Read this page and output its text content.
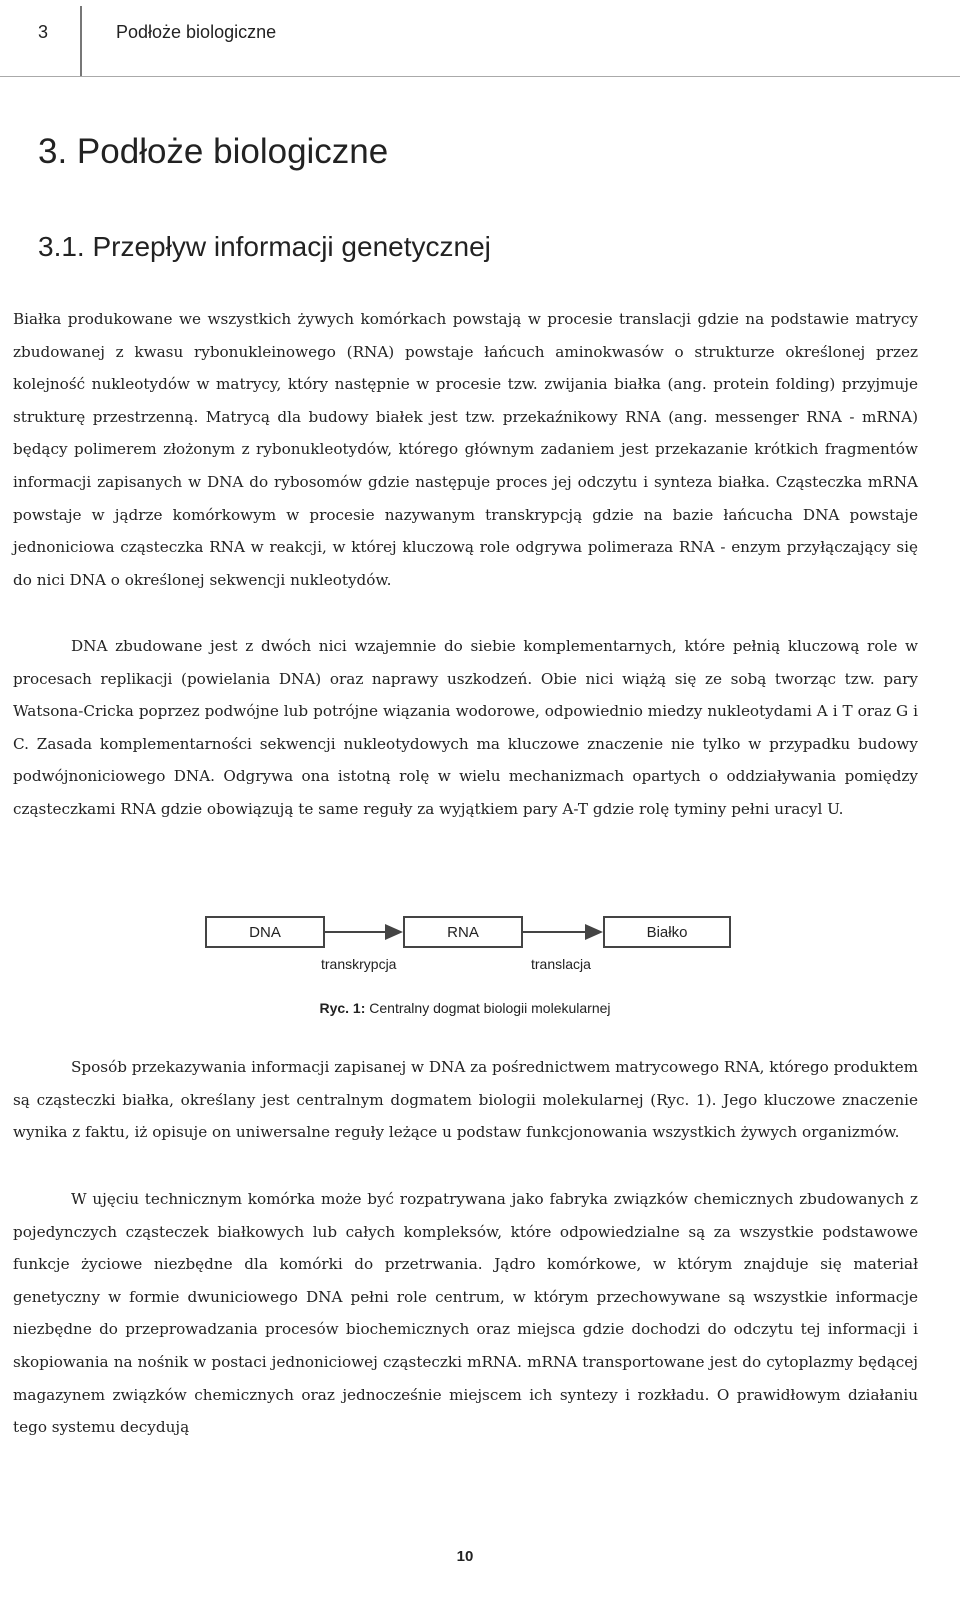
3	Podłoże biologiczne
3. Podłoże biologiczne
3.1. Przepływ informacji genetycznej

Białka produkowane we wszystkich żywych komórkach powstają w procesie translacji gdzie na podstawie matrycy zbudowanej z kwasu rybonukleinowego (RNA) powstaje łańcuch aminokwasów o strukturze określonej przez kolejność nukleotydów w matrycy, który następnie w procesie tzw. zwijania białka (ang. protein folding) przyjmuje strukturę przestrzenną. Matrycą dla budowy białek jest tzw. przekaźnikowy RNA (ang. messenger RNA - mRNA) będący polimerem złożonym z rybonukleotydów, którego głównym zadaniem jest przekazanie krótkich fragmentów informacji zapisanych w DNA do rybosomów gdzie następuje proces jej odczytu i synteza białka. Cząsteczka mRNA powstaje w jądrze komórkowym w procesie nazywanym transkrypcją gdzie na bazie łańcucha DNA powstaje jednoniciowa cząsteczka RNA w reakcji, w której kluczową role odgrywa polimeraza RNA - enzym przyłączający się do nici DNA o określonej sekwencji nukleotydów.

DNA zbudowane jest z dwóch nici wzajemnie do siebie komplementarnych, które pełnią kluczową role w procesach replikacji (powielania DNA) oraz naprawy uszkodzeń. Obie nici wiążą się ze sobą tworząc tzw. pary Watsona-Cricka poprzez podwójne lub potrójne wiązania wodorowe, odpowiednio miedzy nukleotydami A i T oraz G i C. Zasada komplementarności sekwencji nukleotydowych ma kluczowe znaczenie nie tylko w przypadku budowy podwójnoniciowego DNA. Odgrywa ona istotną rolę w wielu mechanizmach opartych o oddziaływania pomiędzy cząsteczkami RNA gdzie obowiązują te same reguły za wyjątkiem pary A-T gdzie rolę tyminy pełni uracyl U.

DNA	RNA	Białko
transkrypcja	translacja
Ryc. 1: Centralny dogmat biologii molekularnej

Sposób przekazywania informacji zapisanej w DNA za pośrednictwem matrycowego RNA, którego produktem są cząsteczki białka, określany jest centralnym dogmatem biologii molekularnej (Ryc. 1). Jego kluczowe znaczenie wynika z faktu, iż opisuje on uniwersalne reguły leżące u podstaw funkcjonowania wszystkich żywych organizmów.

W ujęciu technicznym komórka może być rozpatrywana jako fabryka związków chemicznych zbudowanych z pojedynczych cząsteczek białkowych lub całych kompleksów, które odpowiedzialne są za wszystkie podstawowe funkcje życiowe niezbędne dla komórki do przetrwania. Jądro komórkowe, w którym znajduje się materiał genetyczny w formie dwuniciowego DNA pełni role centrum, w którym przechowywane są wszystkie informacje niezbędne do przeprowadzania procesów biochemicznych oraz miejsca gdzie dochodzi do odczytu tej informacji i skopiowania na nośnik w postaci jednoniciowej cząsteczki mRNA. mRNA transportowane jest do cytoplazmy będącej magazynem związków chemicznych oraz jednocześnie miejscem ich syntezy i rozkładu. O prawidłowym działaniu tego systemu decydują

10
